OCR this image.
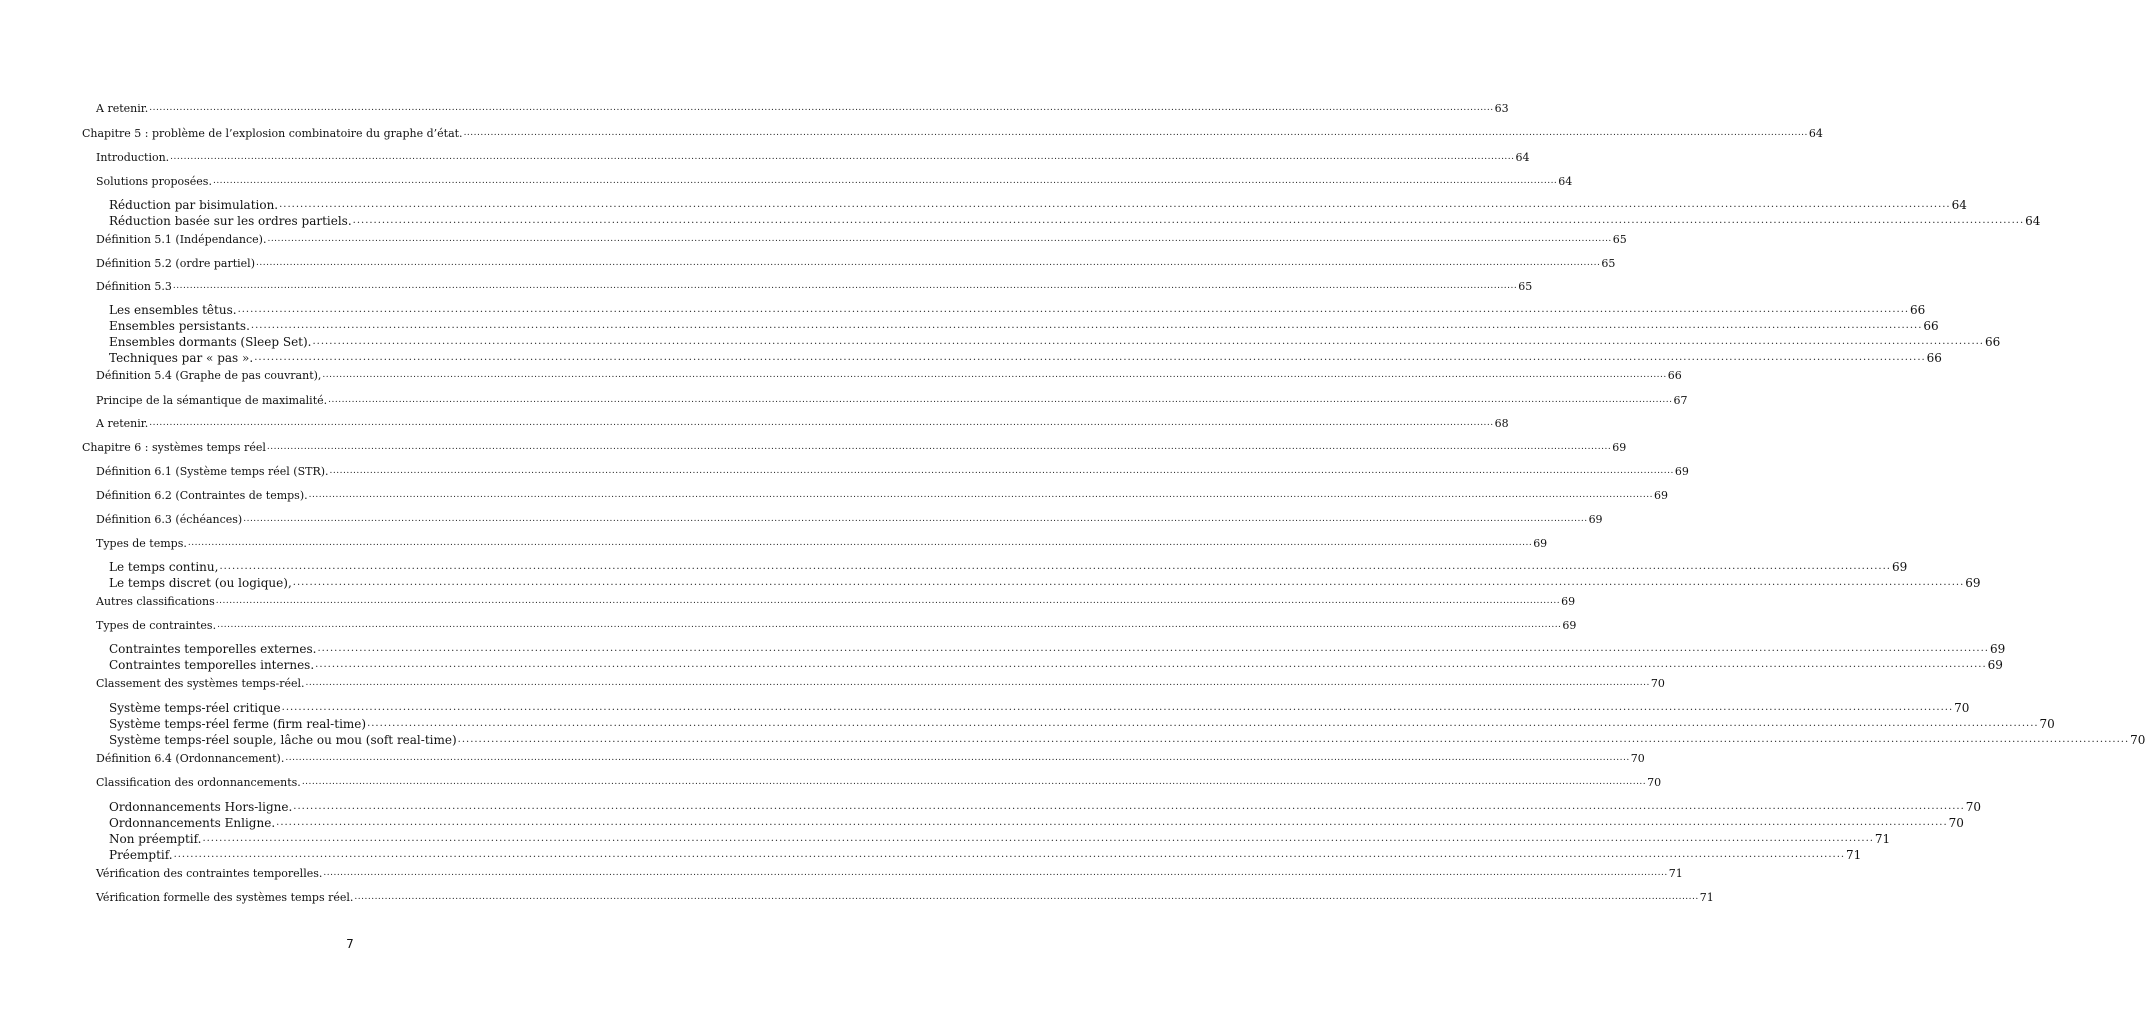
A retenir. ................................................................................................................................................................................................................................................................................................................................................................................................................ 63
Chapitre 5 : problème de l’explosion combinatoire du graphe d’état. ................................................................................................................................................................................................................................................................................................................................................................................................................ 64
Introduction. ................................................................................................................................................................................................................................................................................................................................................................................................................ 64
Solutions proposées. ................................................................................................................................................................................................................................................................................................................................................................................................................ 64
Réduction par bisimulation. ................................................................................................................................................................................................................................................................................................................................................................................................................ 64
Réduction basée sur les ordres partiels. ................................................................................................................................................................................................................................................................................................................................................................................................................ 64
Définition 5.1 (Indépendance). ................................................................................................................................................................................................................................................................................................................................................................................................................ 65
Définition 5.2 (ordre partiel) ................................................................................................................................................................................................................................................................................................................................................................................................................ 65
Définition 5.3 ................................................................................................................................................................................................................................................................................................................................................................................................................ 65
Les ensembles têtus. ................................................................................................................................................................................................................................................................................................................................................................................................................ 66
Ensembles persistants. ................................................................................................................................................................................................................................................................................................................................................................................................................ 66
Ensembles dormants (Sleep Set). ................................................................................................................................................................................................................................................................................................................................................................................................................ 66
Techniques par « pas ». ................................................................................................................................................................................................................................................................................................................................................................................................................ 66
Définition 5.4 (Graphe de pas couvrant), ................................................................................................................................................................................................................................................................................................................................................................................................................ 66
Principe de la sémantique de maximalité. ................................................................................................................................................................................................................................................................................................................................................................................................................ 67
A retenir. ................................................................................................................................................................................................................................................................................................................................................................................................................ 68
Chapitre 6 : systèmes temps réel ................................................................................................................................................................................................................................................................................................................................................................................................................ 69
Définition 6.1 (Système temps réel (STR). ................................................................................................................................................................................................................................................................................................................................................................................................................ 69
Définition 6.2 (Contraintes de temps). ................................................................................................................................................................................................................................................................................................................................................................................................................ 69
Définition 6.3 (échéances) ................................................................................................................................................................................................................................................................................................................................................................................................................ 69
Types de temps. ................................................................................................................................................................................................................................................................................................................................................................................................................ 69
Le temps continu, ................................................................................................................................................................................................................................................................................................................................................................................................................ 69
Le temps discret (ou logique), ................................................................................................................................................................................................................................................................................................................................................................................................................ 69
Autres classifications ................................................................................................................................................................................................................................................................................................................................................................................................................ 69
Types de contraintes. ................................................................................................................................................................................................................................................................................................................................................................................................................ 69
Contraintes temporelles externes. ................................................................................................................................................................................................................................................................................................................................................................................................................ 69
Contraintes temporelles internes. ................................................................................................................................................................................................................................................................................................................................................................................................................ 69
Classement des systèmes temps-réel. ................................................................................................................................................................................................................................................................................................................................................................................................................ 70
Système temps-réel critique ................................................................................................................................................................................................................................................................................................................................................................................................................ 70
Système temps-réel ferme (firm real-time) ................................................................................................................................................................................................................................................................................................................................................................................................................ 70
Système temps-réel souple, lâche ou mou (soft real-time) ................................................................................................................................................................................................................................................................................................................................................................................................................ 70
Définition 6.4 (Ordonnancement). ................................................................................................................................................................................................................................................................................................................................................................................................................ 70
Classification des ordonnancements. ................................................................................................................................................................................................................................................................................................................................................................................................................ 70
Ordonnancements Hors-ligne. ................................................................................................................................................................................................................................................................................................................................................................................................................ 70
Ordonnancements Enligne. ................................................................................................................................................................................................................................................................................................................................................................................................................ 70
Non préemptif. ................................................................................................................................................................................................................................................................................................................................................................................................................ 71
Préemptif. ................................................................................................................................................................................................................................................................................................................................................................................................................ 71
Vérification des contraintes temporelles. ................................................................................................................................................................................................................................................................................................................................................................................................................ 71
Vérification formelle des systèmes temps réel. ................................................................................................................................................................................................................................................................................................................................................................................................................ 71
7
